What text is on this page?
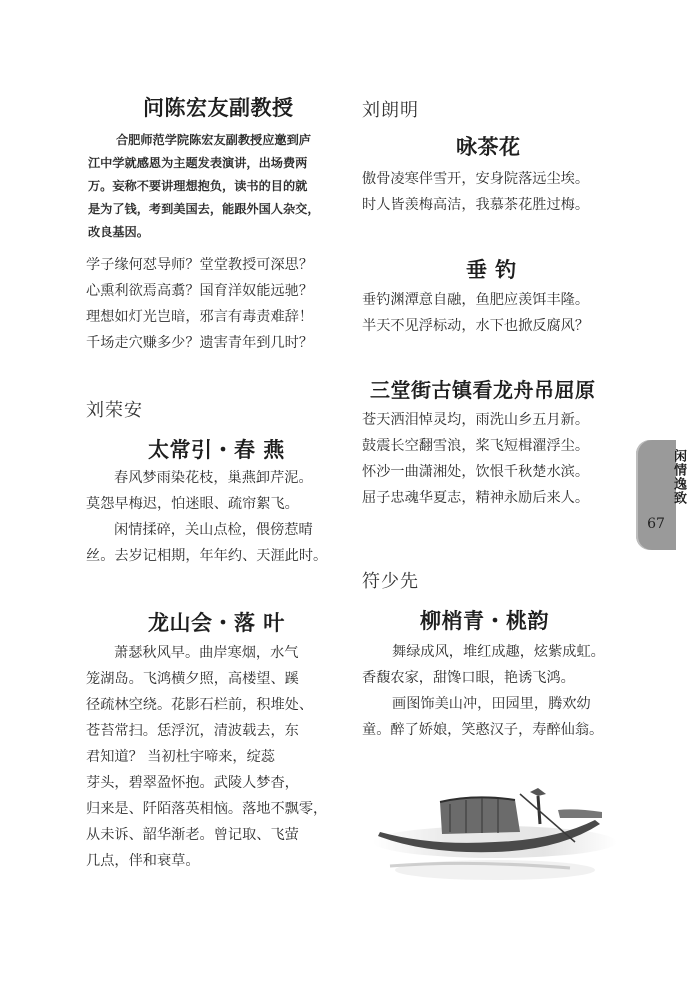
问陈宏友副教授
合肥师范学院陈宏友副教授应邀到庐
江中学就感恩为主题发表演讲，出场费两
万。妄称不要讲理想抱负，读书的目的就
是为了钱，考到美国去，能跟外国人杂交，
改良基因。
学子缘何怼导师？堂堂教授可深思？
心熏利欲焉高翥？国育洋奴能远驰？
理想如灯光岂暗，邪言有毒责难辞！
千场走穴赚多少？遗害青年到几时？
刘荣安
太常引・春 燕
春风梦雨染花枝，巢燕卸芹泥。
莫怨早梅迟，怕迷眼、疏帘絮飞。
闲情揉碎，关山点检，偎傍惹晴
丝。去岁记相期，年年约、天涯此时。
龙山会・落 叶
萧瑟秋风早。曲岸寒烟，水气
笼湖岛。飞鸿横夕照，高楼望、蹊
径疏林空绕。花影石栏前，积堆处、
苍苔常扫。恁浮沉，清波载去，东
君知道？ 当初杜宇啼来，绽蕊
芽头，碧翠盈怀抱。武陵人梦杳，
归来是、阡陌落英相恼。落地不飘零，
从未诉、韶华渐老。曾记取、飞萤
几点，伴和衰草。
刘朗明
咏茶花
傲骨凌寒伴雪开，安身院落远尘埃。
时人皆羡梅高洁，我慕茶花胜过梅。
垂 钓
垂钓渊潭意自融，鱼肥应羡饵丰隆。
半天不见浮标动，水下也掀反腐风？
三堂街古镇看龙舟吊屈原
苍天洒泪悼灵均，雨洗山乡五月新。
鼓震长空翻雪浪，桨飞短楫濯浮尘。
怀沙一曲潇湘处，饮恨千秋楚水滨。
屈子忠魂华夏志，精神永励后来人。
符少先
柳梢青・桃韵
舞绿成风，堆红成趣，炫紫成虹。
香馥农家，甜馋口眼，艳诱飞鸿。
画图饰美山冲，田园里，腾欢幼
童。醉了娇娘，笑憨汉子，寿醉仙翁。
闲情逸致
67
